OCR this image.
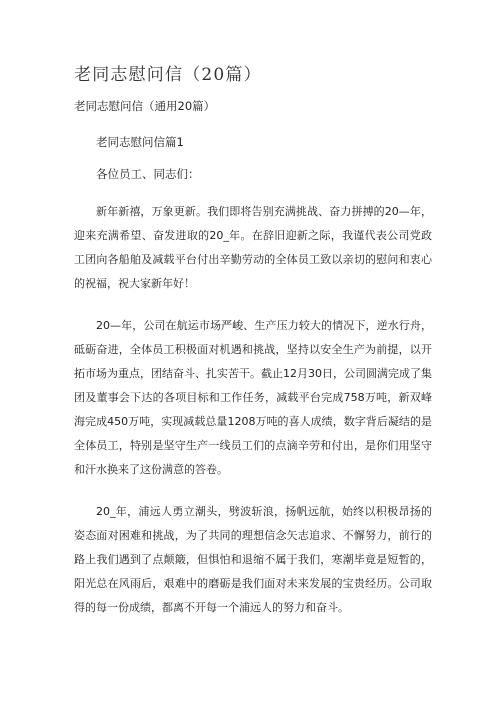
老同志慰问信（20篇）
老同志慰问信（通用20篇）
老同志慰问信篇1
各位员工、同志们：

新年新禧，万象更新。我们即将告别充满挑战、奋力拼搏的20—年，迎来充满希望、奋发进取的20_年。在辞旧迎新之际，我谨代表公司党政工团向各船舶及减载平台付出辛勤劳动的全体员工致以亲切的慰问和衷心的祝福，祝大家新年好！

20—年，公司在航运市场严峻、生产压力较大的情况下，逆水行舟，砥砺奋进，全体员工积极面对机遇和挑战，坚持以安全生产为前提，以开拓市场为重点，团结奋斗、扎实苦干。截止12月30日，公司圆满完成了集团及董事会下达的各项目标和工作任务，减载平台完成758万吨，新双峰海完成450万吨，实现减载总量1208万吨的喜人成绩，数字背后凝结的是全体员工，特别是坚守生产一线员工们的点滴辛劳和付出，是你们用坚守和汗水换来了这份满意的答卷。

20_年，浦远人勇立潮头，劈波斩浪，扬帆远航，始终以积极昂扬的姿态面对困难和挑战，为了共同的理想信念矢志追求、不懈努力，前行的路上我们遇到了点颠簸，但惧怕和退缩不属于我们，寒潮毕竟是短暂的，阳光总在风雨后，艰难中的磨砺是我们面对未来发展的宝贵经历。公司取得的每一份成绩，都离不开每一个浦远人的努力和奋斗。
